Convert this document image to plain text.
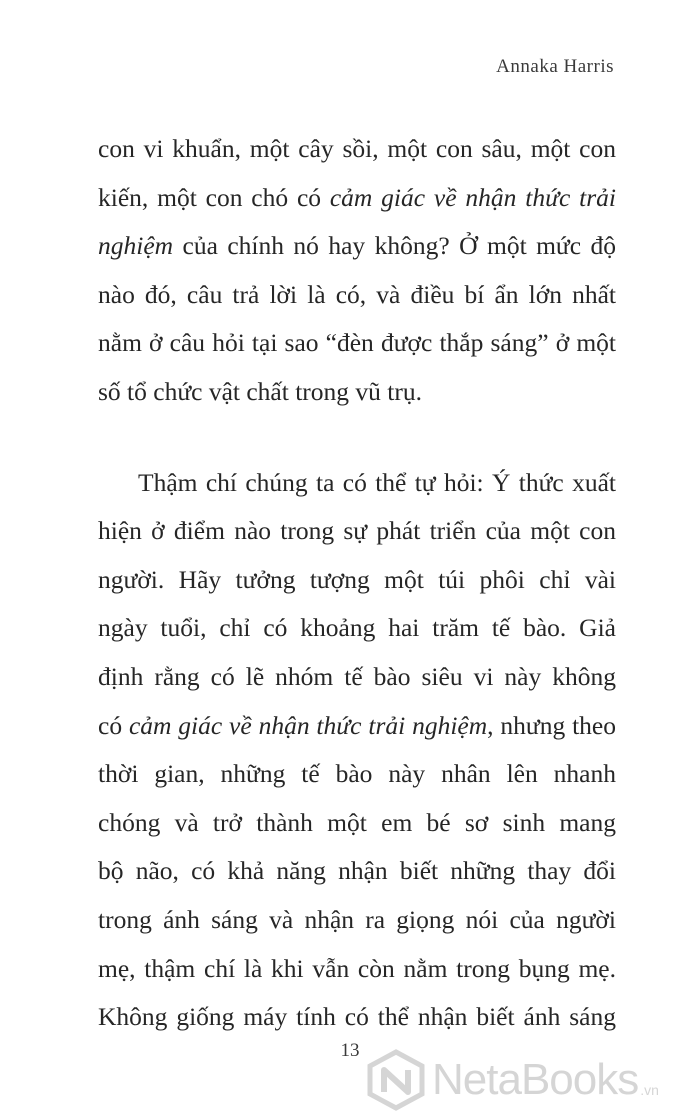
Annaka Harris
con vi khuẩn, một cây sồi, một con sâu, một con
kiến, một con chó có cảm giác về nhận thức trải
nghiệm của chính nó hay không? Ở một mức độ
nào đó, câu trả lời là có, và điều bí ẩn lớn nhất
nằm ở câu hỏi tại sao “đèn được thắp sáng” ở một
số tổ chức vật chất trong vũ trụ.
Thậm chí chúng ta có thể tự hỏi: Ý thức xuất
hiện ở điểm nào trong sự phát triển của một con
người. Hãy tưởng tượng một túi phôi chỉ vài
ngày tuổi, chỉ có khoảng hai trăm tế bào. Giả
định rằng có lẽ nhóm tế bào siêu vi này không
có cảm giác về nhận thức trải nghiệm, nhưng theo
thời gian, những tế bào này nhân lên nhanh
chóng và trở thành một em bé sơ sinh mang
bộ não, có khả năng nhận biết những thay đổi
trong ánh sáng và nhận ra giọng nói của người
mẹ, thậm chí là khi vẫn còn nằm trong bụng mẹ.
Không giống máy tính có thể nhận biết ánh sáng
13
NetaBooks .vn
